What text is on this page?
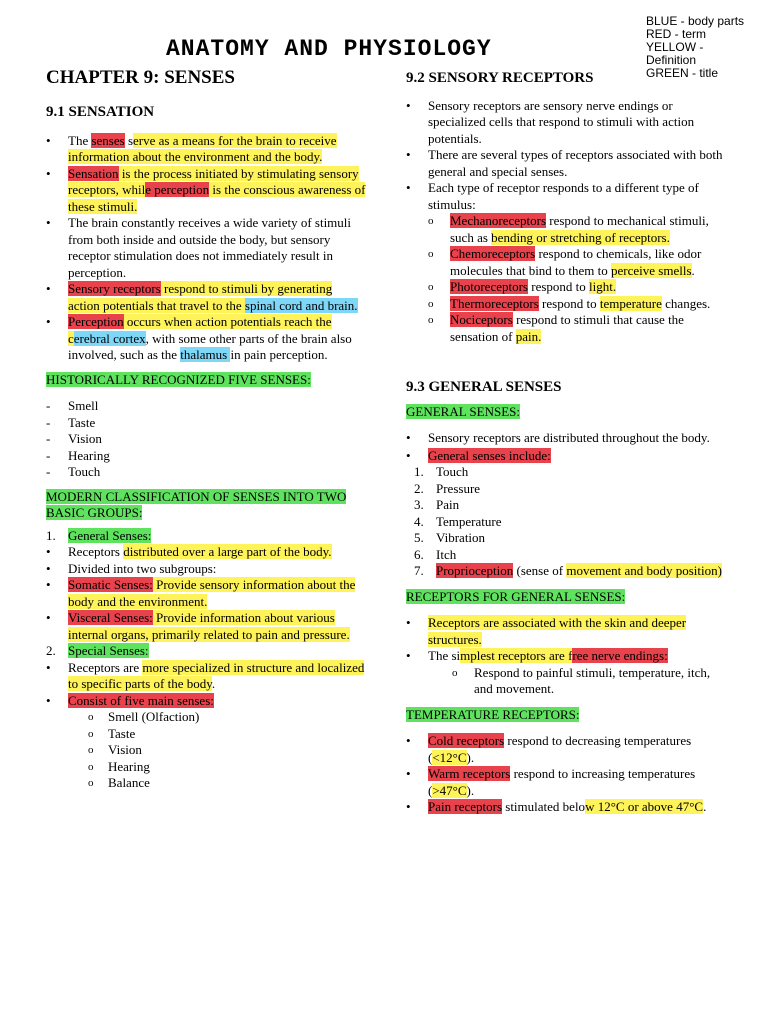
BLUE - body parts
RED - term
YELLOW - Definition
GREEN - title
ANATOMY AND PHYSIOLOGY
CHAPTER 9: SENSES

9.1 SENSATION

• The senses serve as a means for the brain to receive information about the environment and the body.
• Sensation is the process initiated by stimulating sensory receptors, while perception is the conscious awareness of these stimuli.
• The brain constantly receives a wide variety of stimuli from both inside and outside the body, but sensory receptor stimulation does not immediately result in perception.
• Sensory receptors respond to stimuli by generating action potentials that travel to the spinal cord and brain.
• Perception occurs when action potentials reach the cerebral cortex, with some other parts of the brain also involved, such as the thalamus in pain perception.

HISTORICALLY RECOGNIZED FIVE SENSES:

- Smell
- Taste
- Vision
- Hearing
- Touch

MODERN CLASSIFICATION OF SENSES INTO TWO BASIC GROUPS:

1. General Senses:
• Receptors distributed over a large part of the body.
• Divided into two subgroups:
• Somatic Senses: Provide sensory information about the body and the environment.
• Visceral Senses: Provide information about various internal organs, primarily related to pain and pressure.
2. Special Senses:
• Receptors are more specialized in structure and localized to specific parts of the body.
• Consist of five main senses:
o Smell (Olfaction)
o Taste
o Vision
o Hearing
o Balance

9.2 SENSORY RECEPTORS

• Sensory receptors are sensory nerve endings or specialized cells that respond to stimuli with action potentials.
• There are several types of receptors associated with both general and special senses.
• Each type of receptor responds to a different type of stimulus:
o Mechanoreceptors respond to mechanical stimuli, such as bending or stretching of receptors.
o Chemoreceptors respond to chemicals, like odor molecules that bind to them to perceive smells.
o Photoreceptors respond to light.
o Thermoreceptors respond to temperature changes.
o Nociceptors respond to stimuli that cause the sensation of pain.

9.3 GENERAL SENSES

GENERAL SENSES:

• Sensory receptors are distributed throughout the body.
• General senses include:
1. Touch
2. Pressure
3. Pain
4. Temperature
5. Vibration
6. Itch
7. Proprioception (sense of movement and body position)

RECEPTORS FOR GENERAL SENSES:

• Receptors are associated with the skin and deeper structures.
• The simplest receptors are free nerve endings:
o Respond to painful stimuli, temperature, itch, and movement.

TEMPERATURE RECEPTORS:

• Cold receptors respond to decreasing temperatures (<12°C).
• Warm receptors respond to increasing temperatures (>47°C).
• Pain receptors stimulated below 12°C or above 47°C.
